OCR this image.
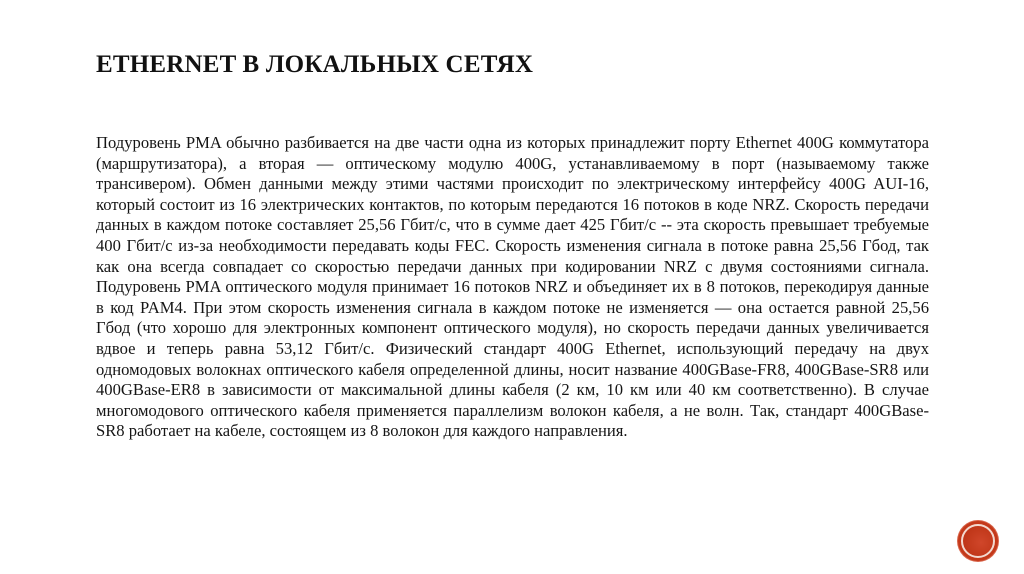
ETHERNET В ЛОКАЛЬНЫХ СЕТЯХ

Подуровень PMA обычно разбивается на две части одна из которых принадлежит порту Ethernet 400G коммутатора (маршрутизатора), а вторая — оптическому модулю 400G, устанавливаемому в порт (называемому также трансивером). Обмен данными между этими частями происходит по электрическому интерфейсу 400G AUI-16, который состоит из 16 электрических контактов, по которым передаются 16 потоков в коде NRZ. Скорость передачи данных в каждом потоке составляет 25,56 Гбит/с, что в сумме дает 425 Гбит/с -- эта скорость превышает требуемые 400 Гбит/с из-за необходимости передавать коды FEC. Скорость изменения сигнала в потоке равна 25,56 Гбод, так как она всегда совпадает со скоростью передачи данных при кодировании NRZ с двумя состояниями сигнала. Подуровень PMA оптического модуля принимает 16 потоков NRZ и объединяет их в 8 потоков, перекодируя данные в код PAM4. При этом скорость изменения сигнала в каждом потоке не изменяется — она остается равной 25,56 Гбод (что хорошо для электронных компонент оптического модуля), но скорость передачи данных увеличивается вдвое и теперь равна 53,12 Гбит/с. Физический стандарт 400G Ethernet, использующий передачу на двух одномодовых волокнах оптического кабеля определенной длины, носит название 400GBase-FR8, 400GBase-SR8 или 400GBase-ER8 в зависимости от максимальной длины кабеля (2 км, 10 км или 40 км соответственно). В случае многомодового оптического кабеля применяется параллелизм волокон кабеля, а не волн. Так, стандарт 400GBase-SR8 работает на кабеле, состоящем из 8 волокон для каждого направления.
